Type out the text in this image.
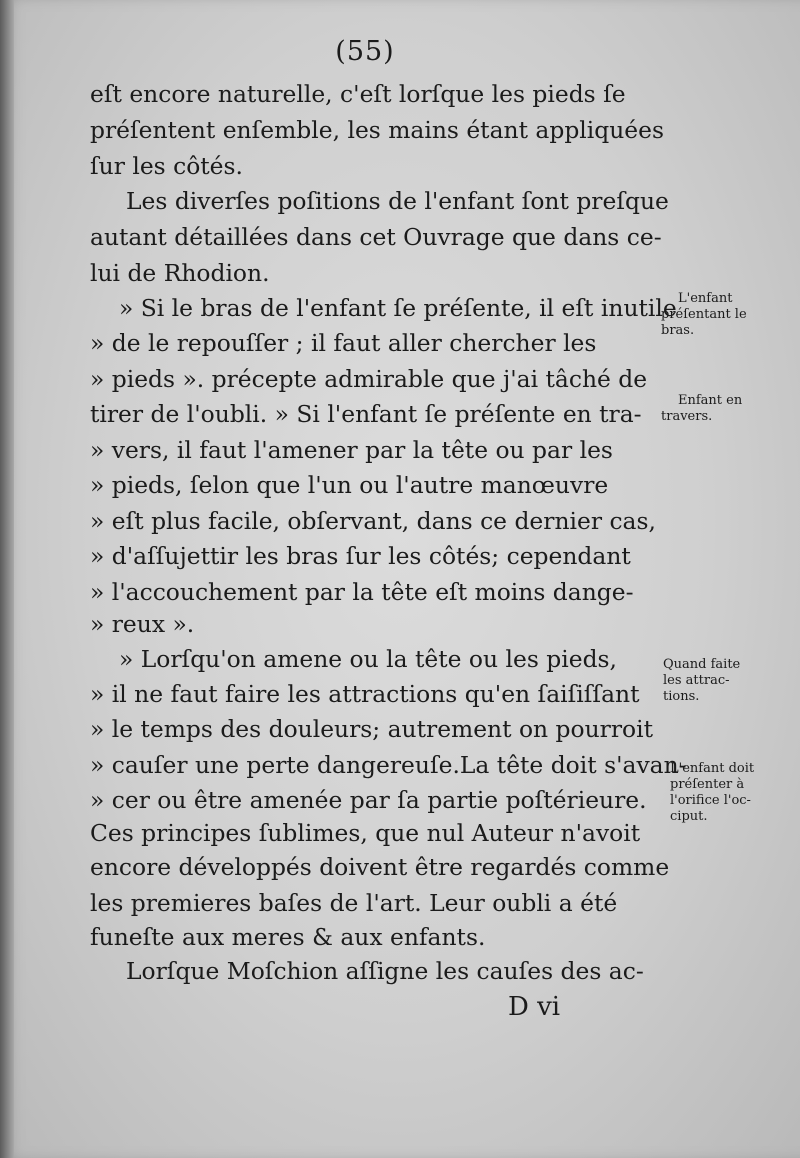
(55)
eſt encore naturelle, c'eſt lorſque les pieds ſe
préſentent enſemble, les mains étant appliquées
ſur les côtés.
Les diverſes poſitions de l'enfant ſont preſque
autant détaillées dans cet Ouvrage que dans ce-
lui de Rhodion.
» Si le bras de l'enfant ſe préſente, il eſt inutile
» de le repouſſer ; il faut aller chercher les
» pieds ». précepte admirable que j'ai tâché de
tirer de l'oubli. » Si l'enfant ſe préſente en tra-
» vers, il faut l'amener par la tête ou par les
» pieds, ſelon que l'un ou l'autre manœuvre
» eſt plus facile, obſervant, dans ce dernier cas,
» d'aſſujettir les bras ſur les côtés; cependant
» l'accouchement par la tête eſt moins dange-
» reux ».
» Lorſqu'on amene ou la tête ou les pieds,
» il ne faut faire les attractions qu'en ſaiſiſſant
» le temps des douleurs; autrement on pourroit
» cauſer une perte dangereuſe.La tête doit s'avan-
» cer ou être amenée par ſa partie poſtérieure.
Ces principes ſublimes, que nul Auteur n'avoit
encore développés doivent être regardés comme
les premieres baſes de l'art. Leur oubli a été
funeſte aux meres & aux enfants.
Lorſque Moſchion aſſigne les cauſes des ac-
L'enfant
préſentant le
bras.
Enfant en
travers.
Quand faite
les attrac-
tions.
L'enfant doit
préſenter à
l'orifice l'oc-
ciput.
D vi
